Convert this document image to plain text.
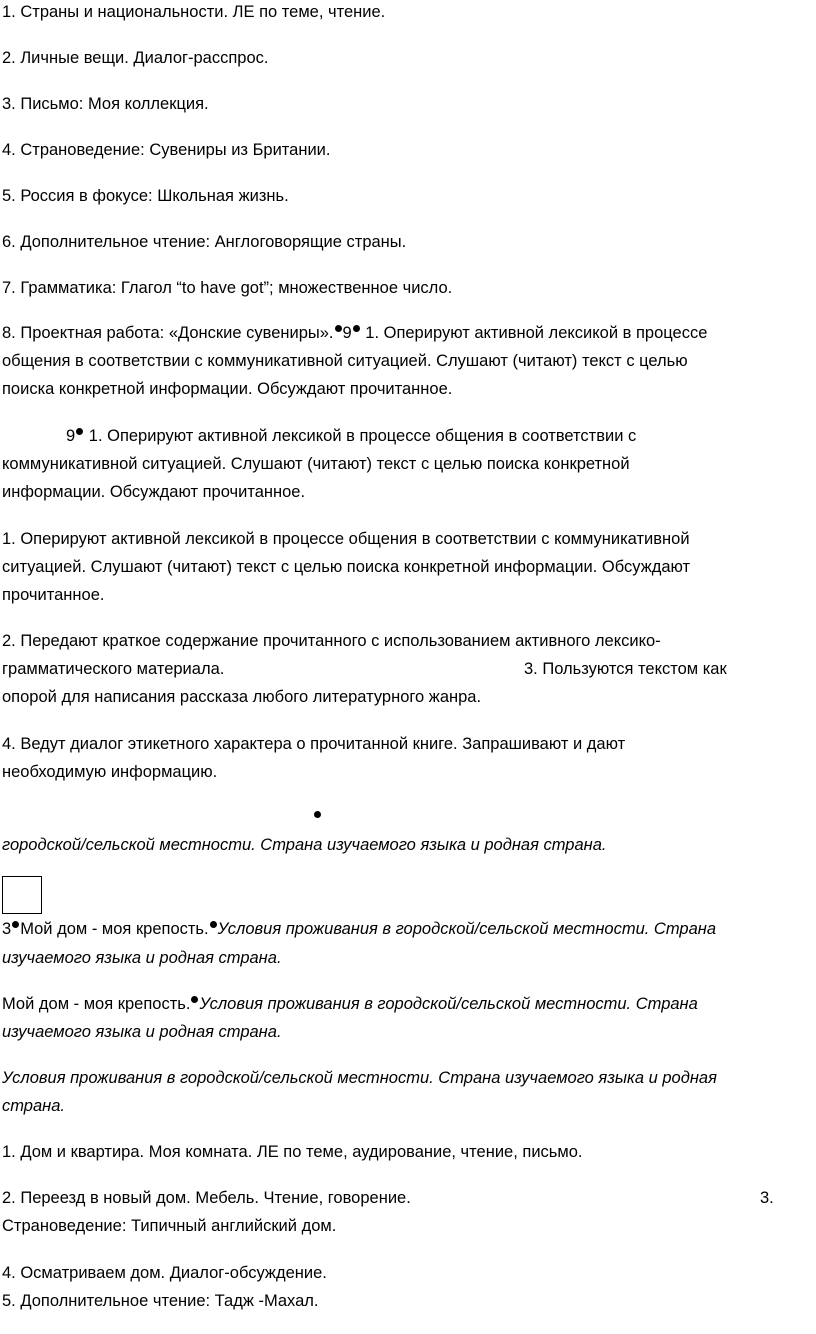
1. Страны и национальности. ЛЕ по теме, чтение.
2. Личные вещи. Диалог-расспрос.
3. Письмо: Моя коллекция.
4. Страноведение: Сувениры из Британии.
5. Россия в фокусе: Школьная жизнь.
6. Дополнительное чтение: Англоговорящие страны.
7. Грамматика: Глагол “to have got”; множественное число.
8. Проектная работа: «Донские сувениры». 9 1. Оперируют активной лексикой в процессе
общения в соответствии с коммуникативной ситуацией. Слушают (читают) текст с целью
поиска конкретной информации. Обсуждают прочитанное.
9 1. Оперируют активной лексикой в процессе общения в соответствии с
коммуникативной ситуацией. Слушают (читают) текст с целью поиска конкретной
информации. Обсуждают прочитанное.
1. Оперируют активной лексикой в процессе общения в соответствии с коммуникативной
ситуацией. Слушают (читают) текст с целью поиска конкретной информации. Обсуждают
прочитанное.
2. Передают краткое содержание прочитанного с использованием активного лексико-
грамматического материала.	3. Пользуются текстом как
опорой для написания рассказа любого литературного жанра.
4. Ведут диалог этикетного характера о прочитанной книге. Запрашивают и дают
необходимую информацию.
городской/сельской местности. Страна изучаемого языка и родная страна.
3 Мой дом - моя крепость. Условия проживания в городской/сельской местности. Страна
изучаемого языка и родная страна.
Мой дом - моя крепость. Условия проживания в городской/сельской местности. Страна
изучаемого языка и родная страна.
Условия проживания в городской/сельской местности. Страна изучаемого языка и родная
страна.
1. Дом и квартира. Моя комната. ЛЕ по теме, аудирование, чтение, письмо.
2. Переезд в новый дом. Мебель. Чтение, говорение.	3.
Страноведение: Типичный английский дом.
4. Осматриваем дом. Диалог-обсуждение.
5. Дополнительное чтение: Тадж -Махал.
